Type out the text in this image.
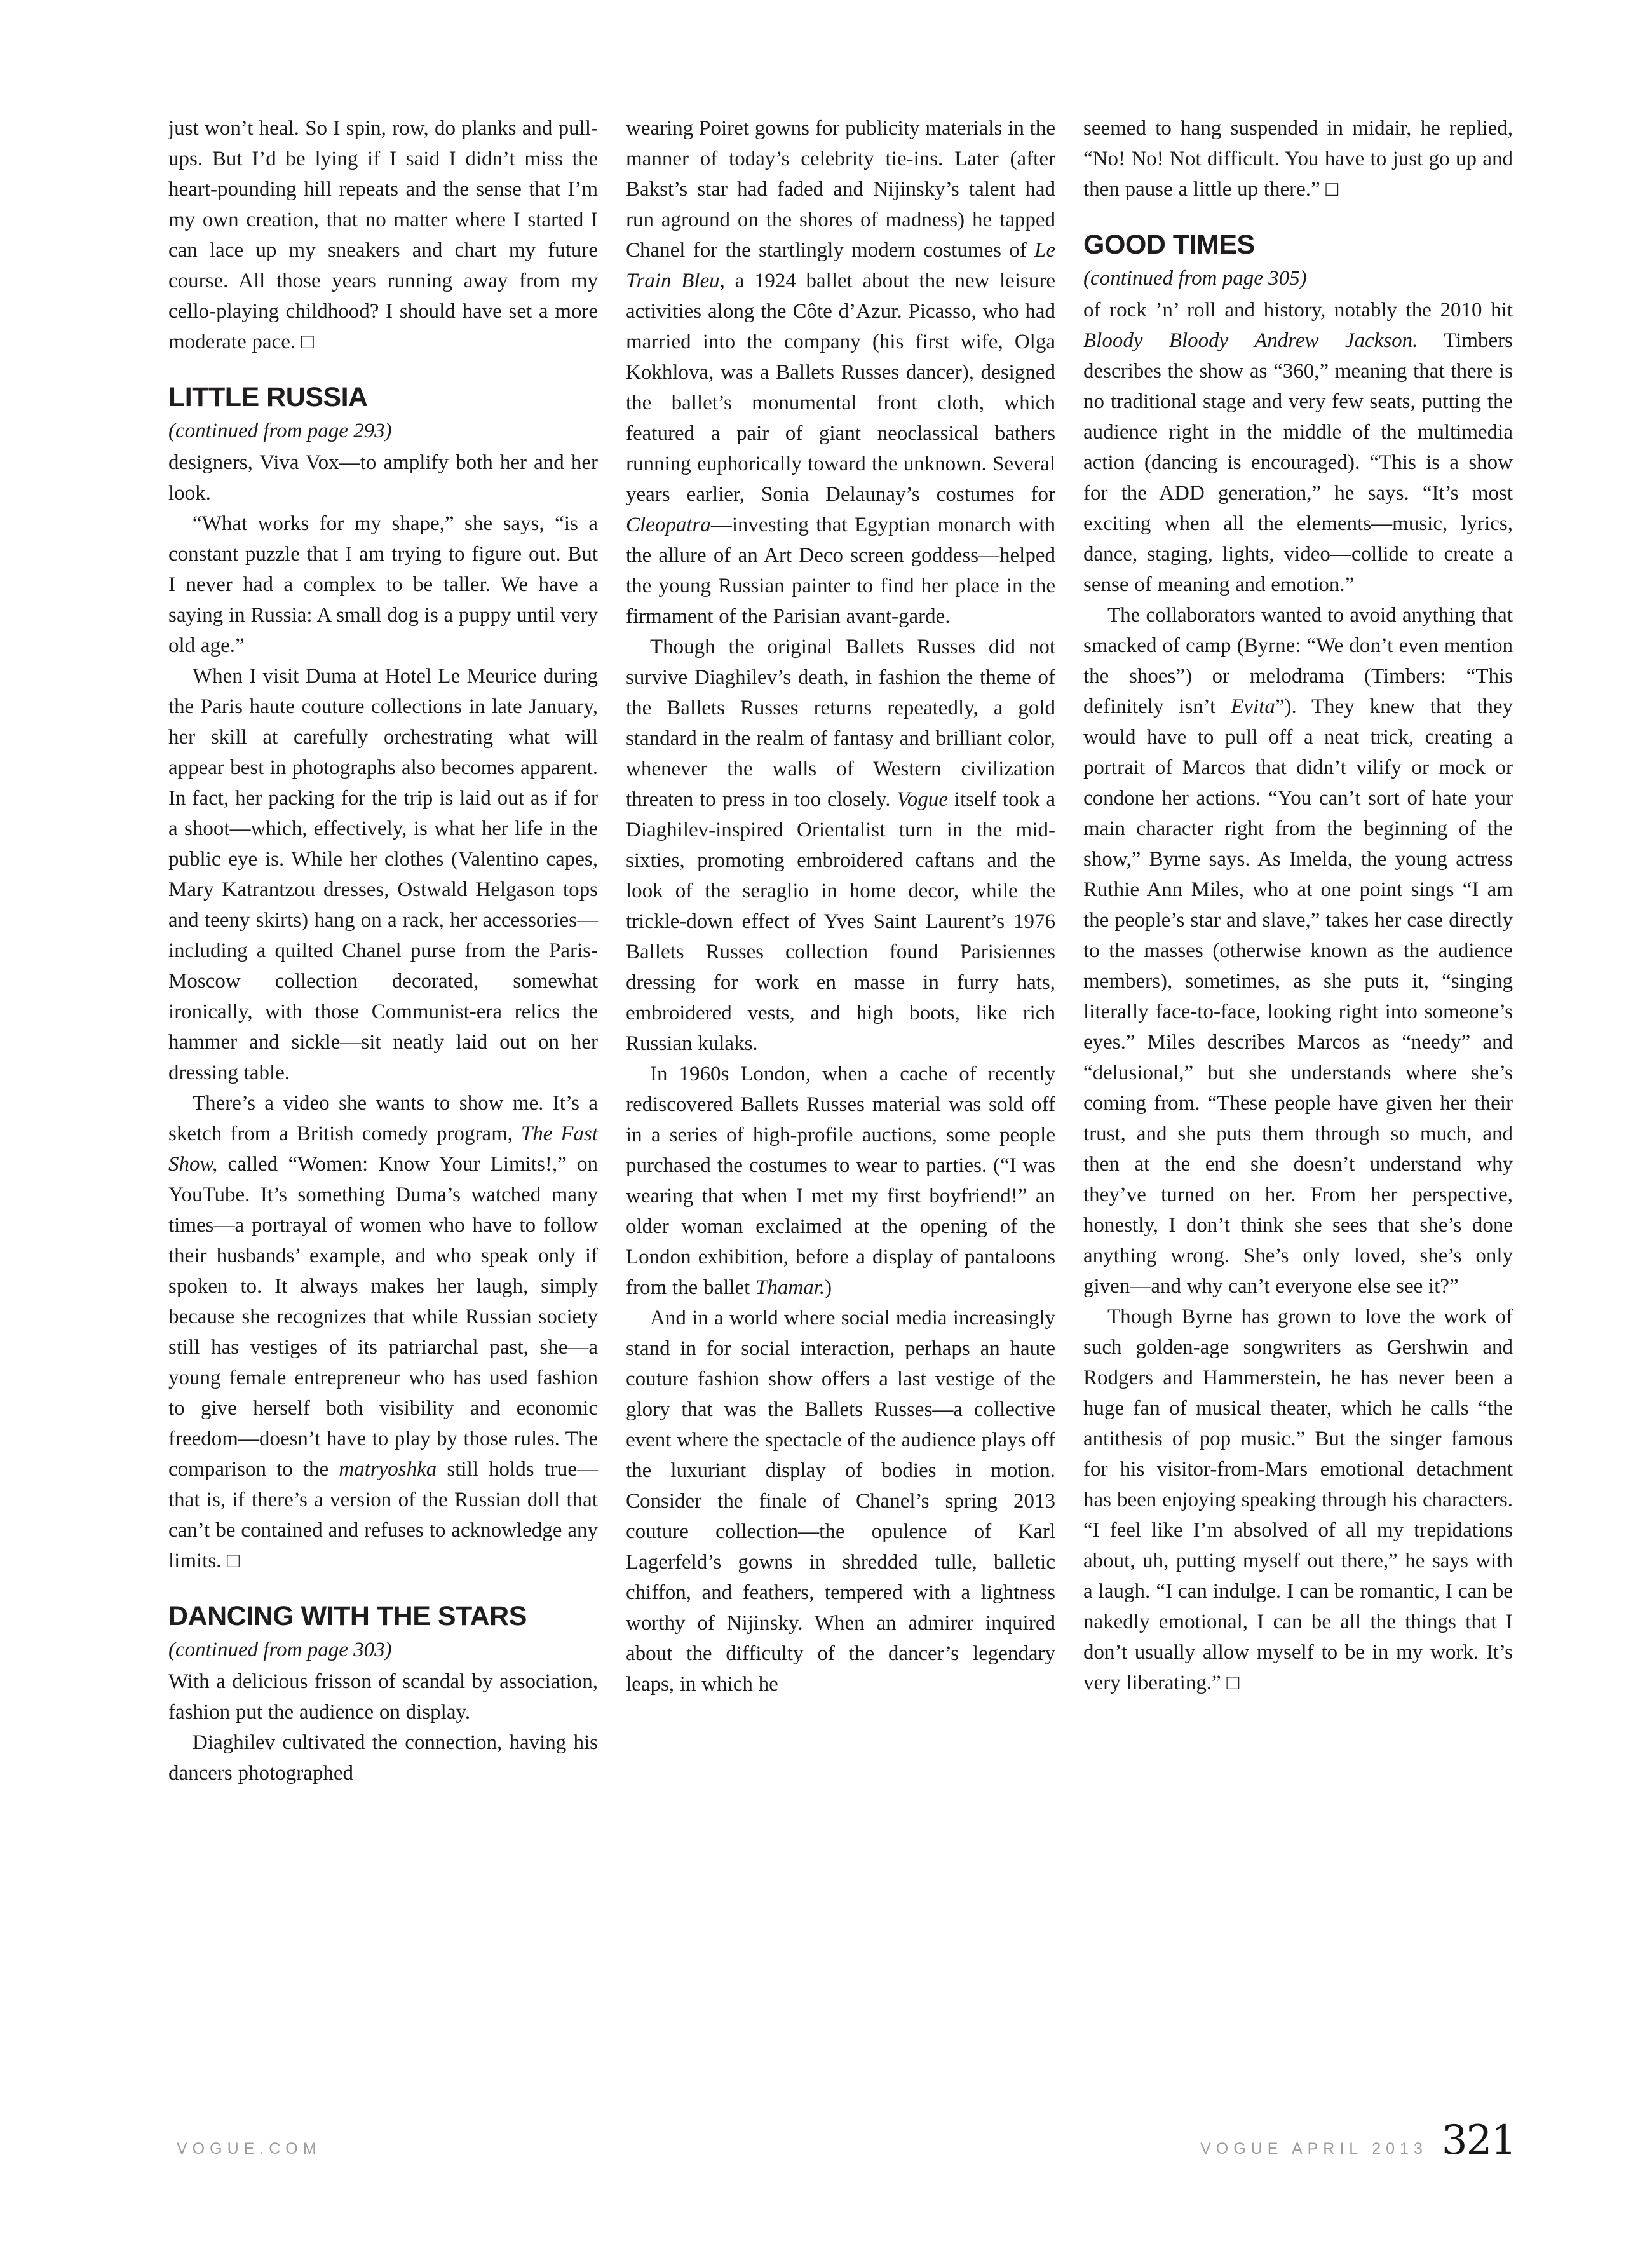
just won’t heal. So I spin, row, do planks and pull-ups. But I’d be lying if I said I didn’t miss the heart-pounding hill repeats and the sense that I’m my own creation, that no matter where I started I can lace up my sneakers and chart my future course. All those years running away from my cello-playing childhood? I should have set a more moderate pace. □

LITTLE RUSSIA

(continued from page 293)

designers, Viva Vox—to amplify both her and her look.

“What works for my shape,” she says, “is a constant puzzle that I am trying to figure out. But I never had a complex to be taller. We have a saying in Russia: A small dog is a puppy until very old age.”

When I visit Duma at Hotel Le Meurice during the Paris haute couture collections in late January, her skill at carefully orchestrating what will appear best in photographs also becomes apparent. In fact, her packing for the trip is laid out as if for a shoot—which, effectively, is what her life in the public eye is. While her clothes (Valentino capes, Mary Katrantzou dresses, Ostwald Helgason tops and teeny skirts) hang on a rack, her accessories—including a quilted Chanel purse from the Paris-Moscow collection decorated, somewhat ironically, with those Communist-era relics the hammer and sickle—sit neatly laid out on her dressing table.

There’s a video she wants to show me. It’s a sketch from a British comedy program, The Fast Show, called “Women: Know Your Limits!,” on YouTube. It’s something Duma’s watched many times—a portrayal of women who have to follow their husbands’ example, and who speak only if spoken to. It always makes her laugh, simply because she recognizes that while Russian society still has vestiges of its patriarchal past, she—a young female entrepreneur who has used fashion to give herself both visibility and economic freedom—doesn’t have to play by those rules. The comparison to the matryoshka still holds true—that is, if there’s a version of the Russian doll that can’t be contained and refuses to acknowledge any limits. □

DANCING WITH THE STARS

(continued from page 303)

With a delicious frisson of scandal by association, fashion put the audience on display.

Diaghilev cultivated the connection, having his dancers photographed

wearing Poiret gowns for publicity materials in the manner of today’s celebrity tie-ins. Later (after Bakst’s star had faded and Nijinsky’s talent had run aground on the shores of madness) he tapped Chanel for the startlingly modern costumes of Le Train Bleu, a 1924 ballet about the new leisure activities along the Côte d’Azur. Picasso, who had married into the company (his first wife, Olga Kokhlova, was a Ballets Russes dancer), designed the ballet’s monumental front cloth, which featured a pair of giant neoclassical bathers running euphorically toward the unknown. Several years earlier, Sonia Delaunay’s costumes for Cleopatra—investing that Egyptian monarch with the allure of an Art Deco screen goddess—helped the young Russian painter to find her place in the firmament of the Parisian avant-garde.

Though the original Ballets Russes did not survive Diaghilev’s death, in fashion the theme of the Ballets Russes returns repeatedly, a gold standard in the realm of fantasy and brilliant color, whenever the walls of Western civilization threaten to press in too closely. Vogue itself took a Diaghilev-inspired Orientalist turn in the mid-sixties, promoting embroidered caftans and the look of the seraglio in home decor, while the trickle-down effect of Yves Saint Laurent’s 1976 Ballets Russes collection found Parisiennes dressing for work en masse in furry hats, embroidered vests, and high boots, like rich Russian kulaks.

In 1960s London, when a cache of recently rediscovered Ballets Russes material was sold off in a series of high-profile auctions, some people purchased the costumes to wear to parties. (“I was wearing that when I met my first boyfriend!” an older woman exclaimed at the opening of the London exhibition, before a display of pantaloons from the ballet Thamar.)

And in a world where social media increasingly stand in for social interaction, perhaps an haute couture fashion show offers a last vestige of the glory that was the Ballets Russes—a collective event where the spectacle of the audience plays off the luxuriant display of bodies in motion. Consider the finale of Chanel’s spring 2013 couture collection—the opulence of Karl Lagerfeld’s gowns in shredded tulle, balletic chiffon, and feathers, tempered with a lightness worthy of Nijinsky. When an admirer inquired about the difficulty of the dancer’s legendary leaps, in which he

seemed to hang suspended in midair, he replied, “No! No! Not difficult. You have to just go up and then pause a little up there.” □

GOOD TIMES

(continued from page 305)

of rock ’n’ roll and history, notably the 2010 hit Bloody Bloody Andrew Jackson. Timbers describes the show as “360,” meaning that there is no traditional stage and very few seats, putting the audience right in the middle of the multimedia action (dancing is encouraged). “This is a show for the ADD generation,” he says. “It’s most exciting when all the elements—music, lyrics, dance, staging, lights, video—collide to create a sense of meaning and emotion.”

The collaborators wanted to avoid anything that smacked of camp (Byrne: “We don’t even mention the shoes”) or melodrama (Timbers: “This definitely isn’t Evita”). They knew that they would have to pull off a neat trick, creating a portrait of Marcos that didn’t vilify or mock or condone her actions. “You can’t sort of hate your main character right from the beginning of the show,” Byrne says. As Imelda, the young actress Ruthie Ann Miles, who at one point sings “I am the people’s star and slave,” takes her case directly to the masses (otherwise known as the audience members), sometimes, as she puts it, “singing literally face-to-face, looking right into someone’s eyes.” Miles describes Marcos as “needy” and “delusional,” but she understands where she’s coming from. “These people have given her their trust, and she puts them through so much, and then at the end she doesn’t understand why they’ve turned on her. From her perspective, honestly, I don’t think she sees that she’s done anything wrong. She’s only loved, she’s only given—and why can’t everyone else see it?”

Though Byrne has grown to love the work of such golden-age songwriters as Gershwin and Rodgers and Hammerstein, he has never been a huge fan of musical theater, which he calls “the antithesis of pop music.” But the singer famous for his visitor-from-Mars emotional detachment has been enjoying speaking through his characters. “I feel like I’m absolved of all my trepidations about, uh, putting myself out there,” he says with a laugh. “I can indulge. I can be romantic, I can be nakedly emotional, I can be all the things that I don’t usually allow myself to be in my work. It’s very liberating.” □

VOGUE.COM	VOGUE APRIL 2013 321
